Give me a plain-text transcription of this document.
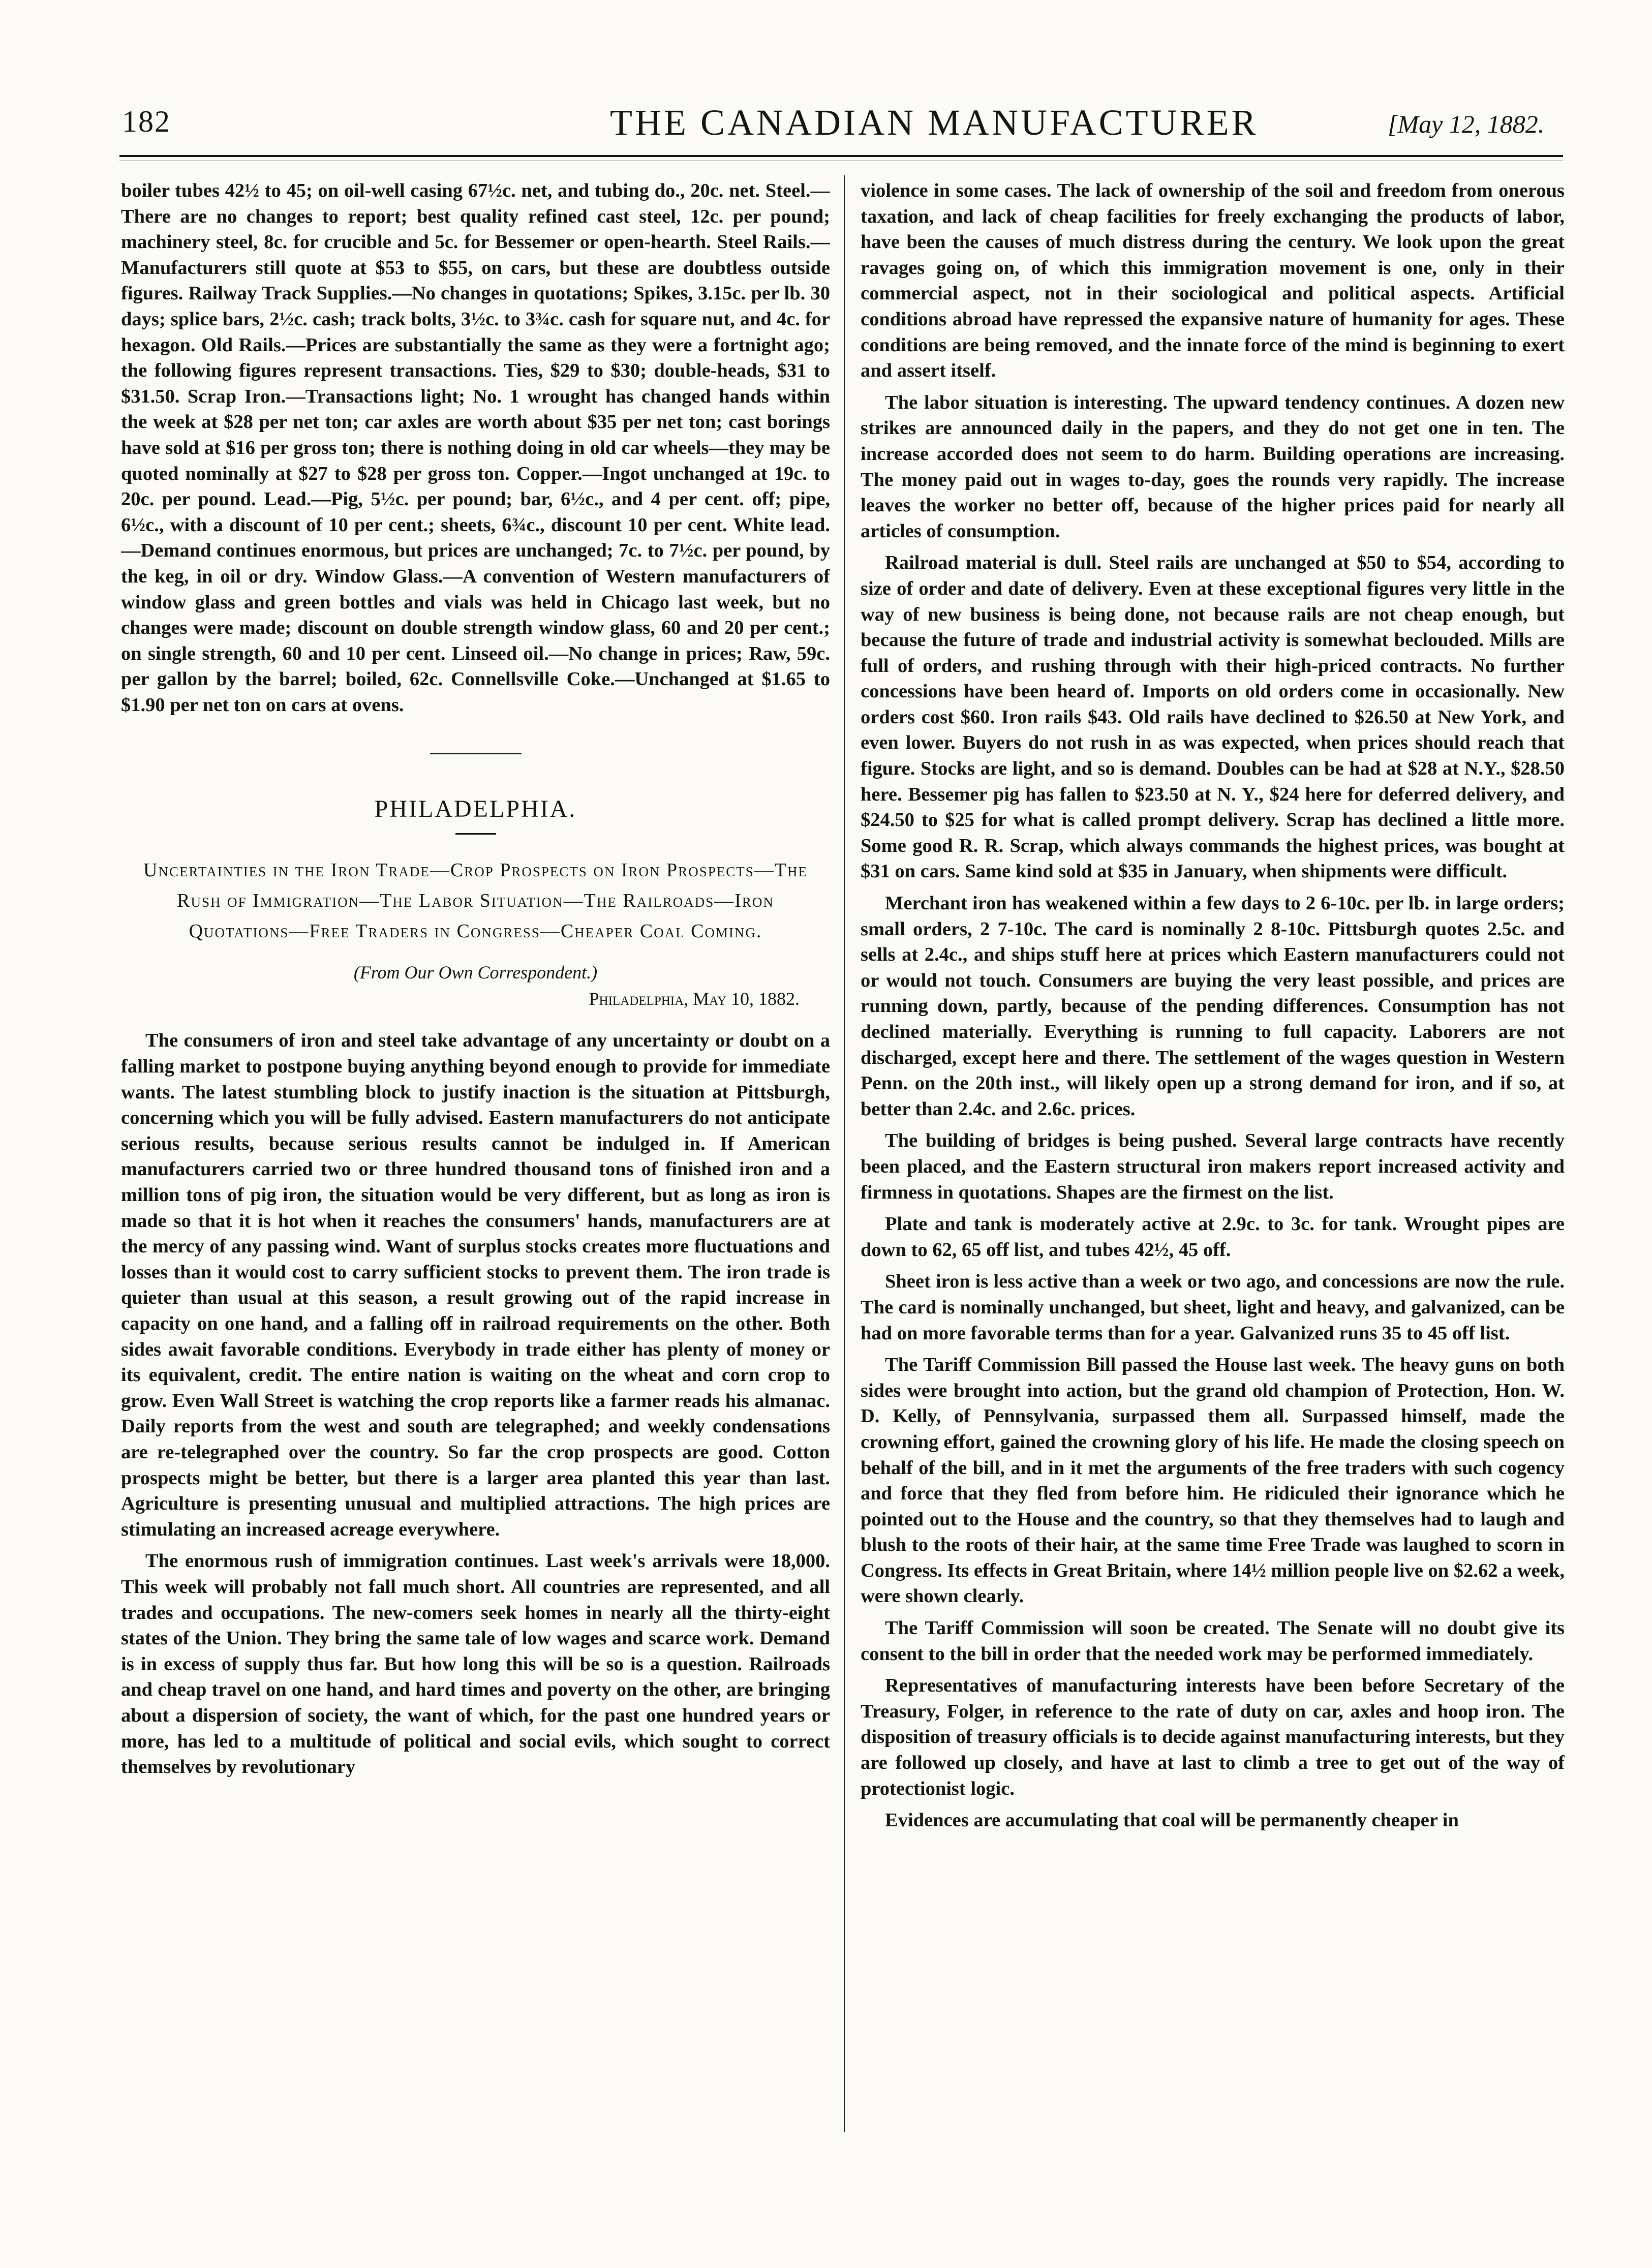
182	THE CANADIAN MANUFACTURER	[May 12, 1882.

boiler tubes 42½ to 45; on oil-well casing 67½c. net, and tubing do., 20c. net. Steel.—There are no changes to report; best quality refined cast steel, 12c. per pound; machinery steel, 8c. for crucible and 5c. for Bessemer or open-hearth. Steel Rails.—Manufacturers still quote at $53 to $55, on cars, but these are doubtless outside figures. Railway Track Supplies.—No changes in quotations; Spikes, 3.15c. per lb. 30 days; splice bars, 2½c. cash; track bolts, 3½c. to 3¾c. cash for square nut, and 4c. for hexagon. Old Rails.—Prices are substantially the same as they were a fortnight ago; the following figures represent transactions. Ties, $29 to $30; double-heads, $31 to $31.50. Scrap Iron.—Transactions light; No. 1 wrought has changed hands within the week at $28 per net ton; car axles are worth about $35 per net ton; cast borings have sold at $16 per gross ton; there is nothing doing in old car wheels—they may be quoted nominally at $27 to $28 per gross ton. Copper.—Ingot unchanged at 19c. to 20c. per pound. Lead.—Pig, 5½c. per pound; bar, 6½c., and 4 per cent. off; pipe, 6½c., with a discount of 10 per cent.; sheets, 6¾c., discount 10 per cent. White lead.—Demand continues enormous, but prices are unchanged; 7c. to 7½c. per pound, by the keg, in oil or dry. Window Glass.—A convention of Western manufacturers of window glass and green bottles and vials was held in Chicago last week, but no changes were made; discount on double strength window glass, 60 and 20 per cent.; on single strength, 60 and 10 per cent. Linseed oil.—No change in prices; Raw, 59c. per gallon by the barrel; boiled, 62c. Connellsville Coke.—Unchanged at $1.65 to $1.90 per net ton on cars at ovens.

PHILADELPHIA.
Uncertainties in the Iron Trade—Crop Prospects on Iron Prospects—The Rush of Immigration—The Labor Situation—The Railroads—Iron Quotations—Free Traders in Congress—Cheaper Coal Coming.
(From Our Own Correspondent.)
Philadelphia, May 10, 1882.

The consumers of iron and steel take advantage of any uncertainty or doubt on a falling market to postpone buying anything beyond enough to provide for immediate wants. The latest stumbling block to justify inaction is the situation at Pittsburgh, concerning which you will be fully advised. Eastern manufacturers do not anticipate serious results, because serious results cannot be indulged in. If American manufacturers carried two or three hundred thousand tons of finished iron and a million tons of pig iron, the situation would be very different, but as long as iron is made so that it is hot when it reaches the consumers' hands, manufacturers are at the mercy of any passing wind. Want of surplus stocks creates more fluctuations and losses than it would cost to carry sufficient stocks to prevent them. The iron trade is quieter than usual at this season, a result growing out of the rapid increase in capacity on one hand, and a falling off in railroad requirements on the other. Both sides await favorable conditions. Everybody in trade either has plenty of money or its equivalent, credit. The entire nation is waiting on the wheat and corn crop to grow. Even Wall Street is watching the crop reports like a farmer reads his almanac. Daily reports from the west and south are telegraphed; and weekly condensations are re-telegraphed over the country. So far the crop prospects are good. Cotton prospects might be better, but there is a larger area planted this year than last. Agriculture is presenting unusual and multiplied attractions. The high prices are stimulating an increased acreage everywhere.

The enormous rush of immigration continues. Last week's arrivals were 18,000. This week will probably not fall much short. All countries are represented, and all trades and occupations. The new-comers seek homes in nearly all the thirty-eight states of the Union. They bring the same tale of low wages and scarce work. Demand is in excess of supply thus far. But how long this will be so is a question. Railroads and cheap travel on one hand, and hard times and poverty on the other, are bringing about a dispersion of society, the want of which, for the past one hundred years or more, has led to a multitude of political and social evils, which sought to correct themselves by revolutionary

violence in some cases. The lack of ownership of the soil and freedom from onerous taxation, and lack of cheap facilities for freely exchanging the products of labor, have been the causes of much distress during the century. We look upon the great ravages going on, of which this immigration movement is one, only in their commercial aspect, not in their sociological and political aspects. Artificial conditions abroad have repressed the expansive nature of humanity for ages. These conditions are being removed, and the innate force of the mind is beginning to exert and assert itself.

The labor situation is interesting. The upward tendency continues. A dozen new strikes are announced daily in the papers, and they do not get one in ten. The increase accorded does not seem to do harm. Building operations are increasing. The money paid out in wages to-day, goes the rounds very rapidly. The increase leaves the worker no better off, because of the higher prices paid for nearly all articles of consumption.

Railroad material is dull. Steel rails are unchanged at $50 to $54, according to size of order and date of delivery. Even at these exceptional figures very little in the way of new business is being done, not because rails are not cheap enough, but because the future of trade and industrial activity is somewhat beclouded. Mills are full of orders, and rushing through with their high-priced contracts. No further concessions have been heard of. Imports on old orders come in occasionally. New orders cost $60. Iron rails $43. Old rails have declined to $26.50 at New York, and even lower. Buyers do not rush in as was expected, when prices should reach that figure. Stocks are light, and so is demand. Doubles can be had at $28 at N.Y., $28.50 here. Bessemer pig has fallen to $23.50 at N. Y., $24 here for deferred delivery, and $24.50 to $25 for what is called prompt delivery. Scrap has declined a little more. Some good R. R. Scrap, which always commands the highest prices, was bought at $31 on cars. Same kind sold at $35 in January, when shipments were difficult.

Merchant iron has weakened within a few days to 2 6-10c. per lb. in large orders; small orders, 2 7-10c. The card is nominally 2 8-10c. Pittsburgh quotes 2.5c. and sells at 2.4c., and ships stuff here at prices which Eastern manufacturers could not or would not touch. Consumers are buying the very least possible, and prices are running down, partly, because of the pending differences. Consumption has not declined materially. Everything is running to full capacity. Laborers are not discharged, except here and there. The settlement of the wages question in Western Penn. on the 20th inst., will likely open up a strong demand for iron, and if so, at better than 2.4c. and 2.6c. prices.

The building of bridges is being pushed. Several large contracts have recently been placed, and the Eastern structural iron makers report increased activity and firmness in quotations. Shapes are the firmest on the list.

Plate and tank is moderately active at 2.9c. to 3c. for tank. Wrought pipes are down to 62, 65 off list, and tubes 42½, 45 off.

Sheet iron is less active than a week or two ago, and concessions are now the rule. The card is nominally unchanged, but sheet, light and heavy, and galvanized, can be had on more favorable terms than for a year. Galvanized runs 35 to 45 off list.

The Tariff Commission Bill passed the House last week. The heavy guns on both sides were brought into action, but the grand old champion of Protection, Hon. W. D. Kelly, of Pennsylvania, surpassed them all. Surpassed himself, made the crowning effort, gained the crowning glory of his life. He made the closing speech on behalf of the bill, and in it met the arguments of the free traders with such cogency and force that they fled from before him. He ridiculed their ignorance which he pointed out to the House and the country, so that they themselves had to laugh and blush to the roots of their hair, at the same time Free Trade was laughed to scorn in Congress. Its effects in Great Britain, where 14½ million people live on $2.62 a week, were shown clearly.

The Tariff Commission will soon be created. The Senate will no doubt give its consent to the bill in order that the needed work may be performed immediately.

Representatives of manufacturing interests have been before Secretary of the Treasury, Folger, in reference to the rate of duty on car, axles and hoop iron. The disposition of treasury officials is to decide against manufacturing interests, but they are followed up closely, and have at last to climb a tree to get out of the way of protectionist logic.

Evidences are accumulating that coal will be permanently cheaper in
